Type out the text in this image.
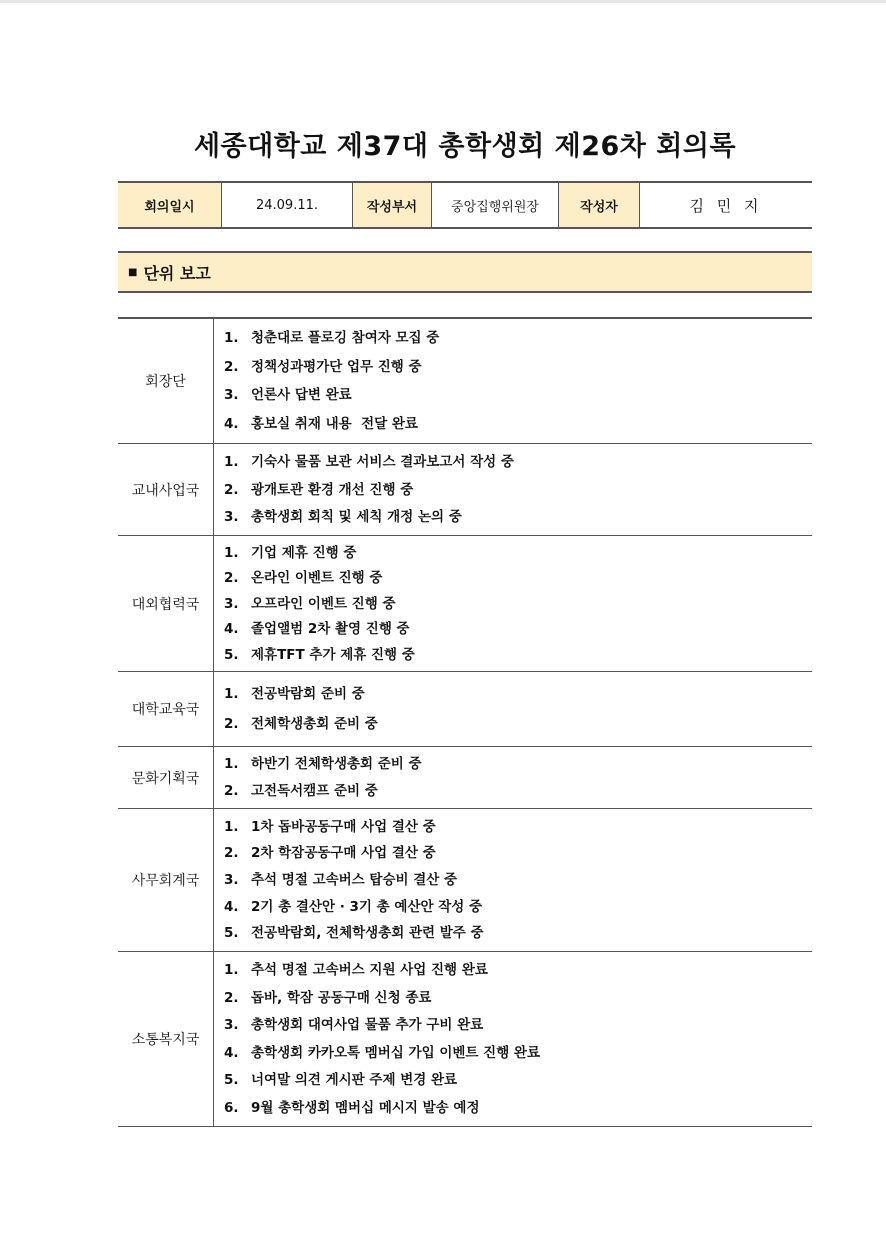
세종대학교 제37대 총학생회 제26차 회의록
회의일시	24.09.11.	작성부서	중앙집행위원장	작성자	김 민 지
■ 단위 보고
회장단
1. 청춘대로 플로깅 참여자 모집 중
2. 정책성과평가단 업무 진행 중
3. 언론사 답변 완료
4. 홍보실 취재 내용  전달 완료
교내사업국
1. 기숙사 물품 보관 서비스 결과보고서 작성 중
2. 광개토관 환경 개선 진행 중
3. 총학생회 회칙 및 세칙 개정 논의 중
대외협력국
1. 기업 제휴 진행 중
2. 온라인 이벤트 진행 중
3. 오프라인 이벤트 진행 중
4. 졸업앨범 2차 촬영 진행 중
5. 제휴TFT 추가 제휴 진행 중
대학교육국
1. 전공박람회 준비 중
2. 전체학생총회 준비 중
문화기획국
1. 하반기 전체학생총회 준비 중
2. 고전독서캠프 준비 중
사무회계국
1. 1차 돕바공동구매 사업 결산 중
2. 2차 학잠공동구매 사업 결산 중
3. 추석 명절 고속버스 탑승비 결산 중
4. 2기 총 결산안 · 3기 총 예산안 작성 중
5. 전공박람회, 전체학생총회 관련 발주 중
소통복지국
1. 추석 명절 고속버스 지원 사업 진행 완료
2. 돕바, 학잠 공동구매 신청 종료
3. 총학생회 대여사업 물품 추가 구비 완료
4. 총학생회 카카오톡 멤버십 가입 이벤트 진행 완료
5. 너여말 의견 게시판 주제 변경 완료
6. 9월 총학생회 멤버십 메시지 발송 예정
